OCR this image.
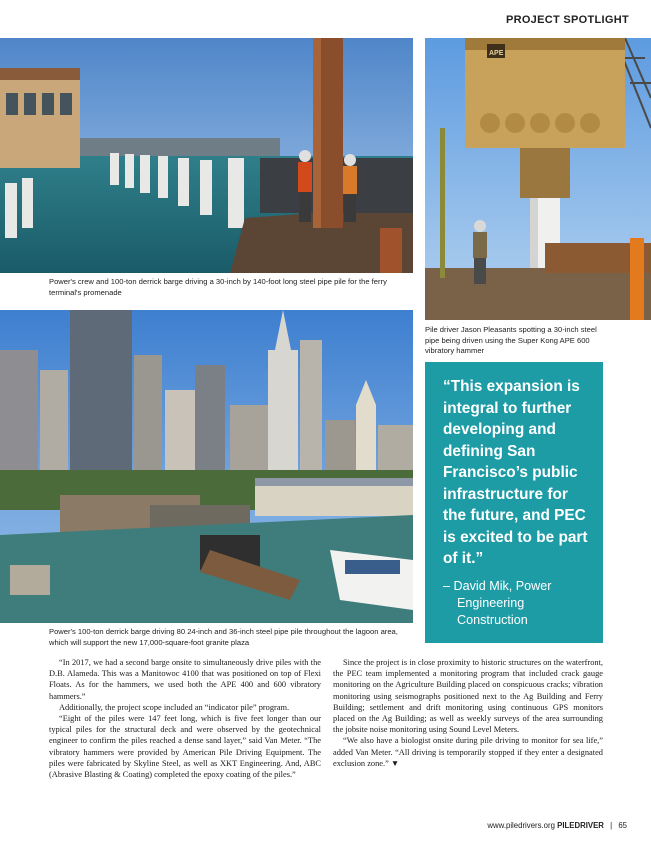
PROJECT SPOTLIGHT
Power's crew and 100-ton derrick barge driving a 30-inch by 140-foot long steel pipe pile for the ferry terminal's promenade
APE
Pile driver Jason Pleasants spotting a 30-inch steel pipe being driven using the Super Kong APE 600 vibratory hammer
Power's 100-ton derrick barge driving 80 24-inch and 36-inch steel pipe pile throughout the lagoon area, which will support the new 17,000-square-foot granite plaza
“This expansion is integral to further developing and defining San Francisco’s public infrastructure for the future, and PEC is excited to be part of it.”
– David Mik, Power Engineering Construction

“In 2017, we had a second barge onsite to simultaneously drive piles with the D.B. Alameda. This was a Manitowoc 4100 that was positioned on top of Flexi Floats. As for the hammers, we used both the APE 400 and 600 vibratory hammers.”

Additionally, the project scope included an “indicator pile” program.

“Eight of the piles were 147 feet long, which is five feet longer than our typical piles for the structural deck and were observed by the geotechnical engineer to confirm the piles reached a dense sand layer,” said Van Meter. “The vibratory hammers were provided by American Pile Driving Equipment. The piles were fabricated by Skyline Steel, as well as XKT Engineering. And, ABC (Abrasive Blasting & Coating) completed the epoxy coating of the piles.”

Since the project is in close proximity to historic structures on the waterfront, the PEC team implemented a monitoring program that included crack gauge monitoring on the Agriculture Building placed on conspicuous cracks; vibration monitoring using seismographs positioned next to the Ag Building and Ferry Building; settlement and drift monitoring using continuous GPS monitors placed on the Ag Building; as well as weekly surveys of the area surrounding the jobsite noise monitoring using Sound Level Meters.

“We also have a biologist onsite during pile driving to monitor for sea life,” added Van Meter. “All driving is temporarily stopped if they enter a designated exclusion zone.” ▼

www.piledrivers.org PILEDRIVER | 65
